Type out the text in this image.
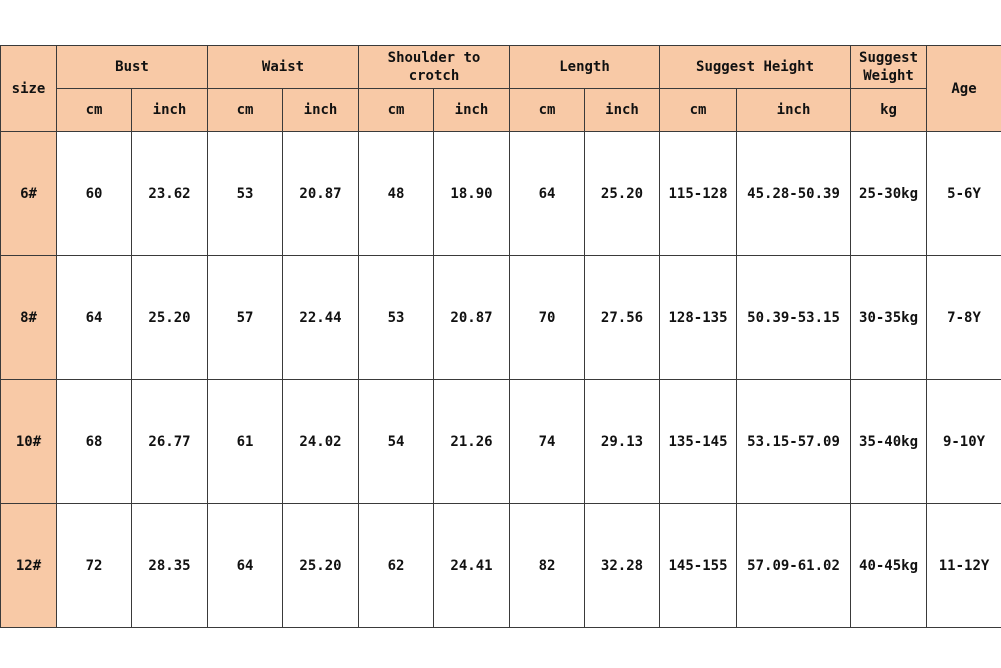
size	Bust		Waist		Shoulder to crotch		Length		Suggest Height		Suggest Weight	Age
	cm	inch	cm	inch	cm	inch	cm	inch	cm	inch	kg	
6#	60	23.62	53	20.87	48	18.90	64	25.20	115-128	45.28-50.39	25-30kg	5-6Y
8#	64	25.20	57	22.44	53	20.87	70	27.56	128-135	50.39-53.15	30-35kg	7-8Y
10#	68	26.77	61	24.02	54	21.26	74	29.13	135-145	53.15-57.09	35-40kg	9-10Y
12#	72	28.35	64	25.20	62	24.41	82	32.28	145-155	57.09-61.02	40-45kg	11-12Y
